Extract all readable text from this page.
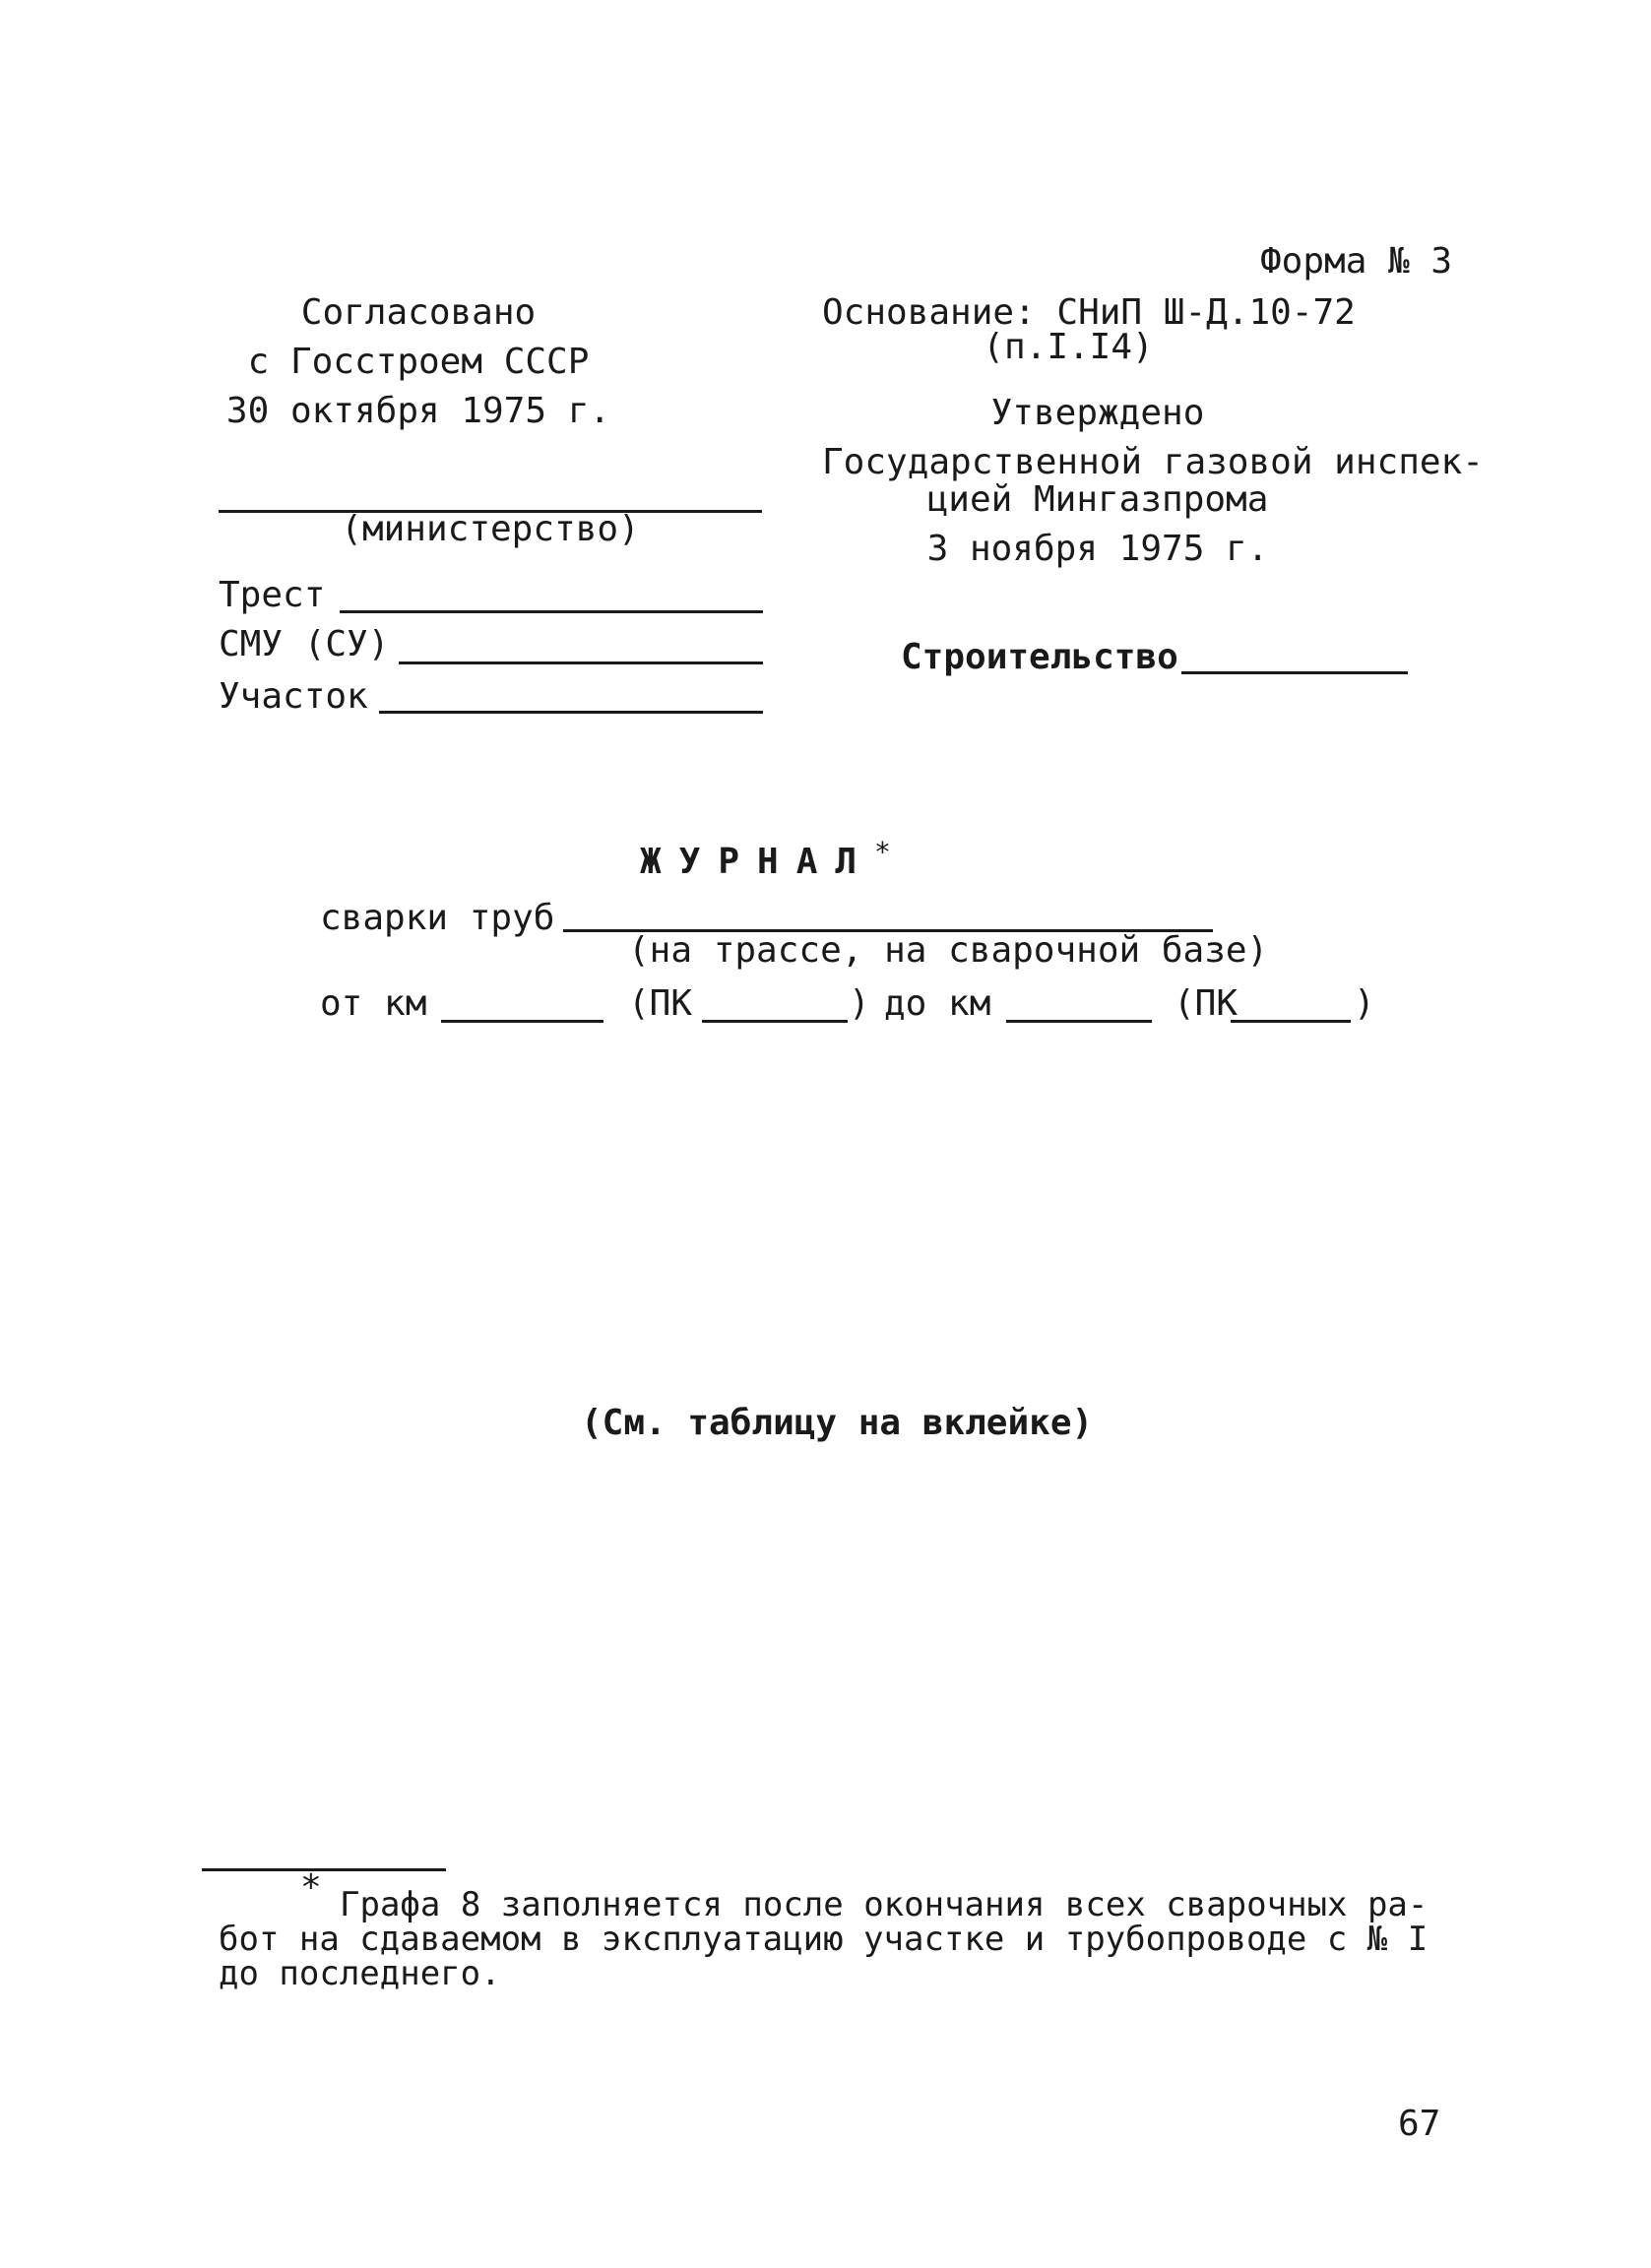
Форма № 3
Согласовано
с Госстроем СССР
30 октября 1975 г.
(министерство)
Трест
СМУ (СУ)
Участок
Основание: СНиП Ш-Д.10-72
(п.I.I4)
Утверждено
Государственной газовой инспек-
цией Мингазпрома
3 ноября 1975 г.
Строительство
ЖУРНАЛ*
сварки труб
(на трассе, на сварочной базе)
от км	(ПК	) до км	(ПК	)
(См. таблицу на вклейке)
* Графа 8 заполняется после окончания всех сварочных ра-
бот на сдаваемом в эксплуатацию участке и трубопроводе с № I
до последнего.
67
